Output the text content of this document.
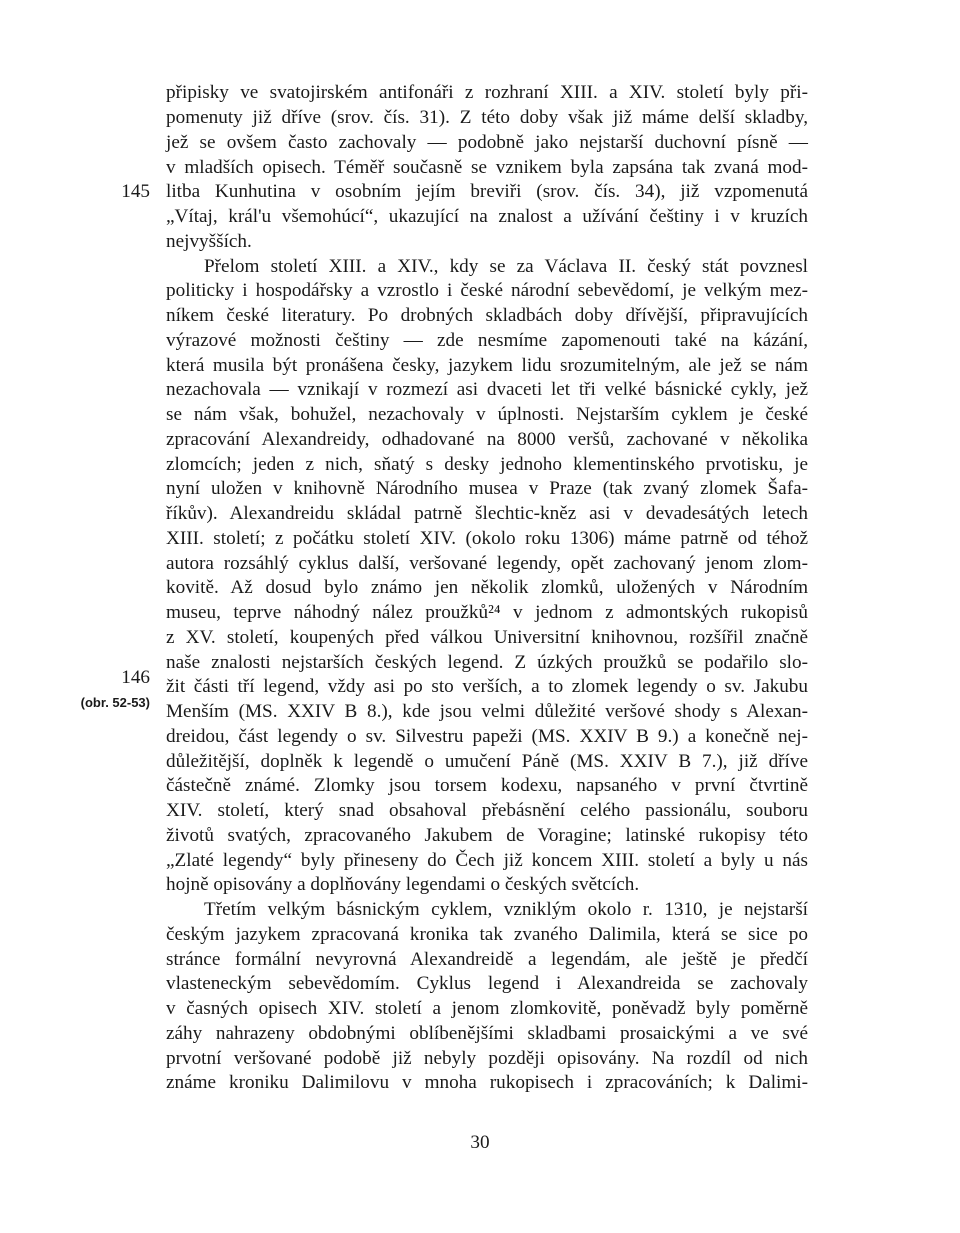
145
146
(obr. 52-53)
připisky ve svatojirském antifonáři z rozhraní XIII. a XIV. století byly při-
pomenuty již dříve (srov. čís. 31). Z této doby však již máme delší skladby,
jež se ovšem často zachovaly — podobně jako nejstarší duchovní písně —
v mladších opisech. Téměř současně se vznikem byla zapsána tak zvaná mod-
litba Kunhutina v osobním jejím breviři (srov. čís. 34), již vzpomenutá
„Vítaj, král'u všemohúcí“, ukazující na znalost a užívání češtiny i v kruzích
nejvyšších.
Přelom století XIII. a XIV., kdy se za Václava II. český stát povznesl
politicky i hospodářsky a vzrostlo i české národní sebevědomí, je velkým mez-
níkem české literatury. Po drobných skladbách doby dřívější, připravujících
výrazové možnosti češtiny — zde nesmíme zapomenouti také na kázání,
která musila být pronášena česky, jazykem lidu srozumitelným, ale jež se nám
nezachovala — vznikají v rozmezí asi dvaceti let tři velké básnické cykly, jež
se nám však, bohužel, nezachovaly v úplnosti. Nejstarším cyklem je české
zpracování Alexandreidy, odhadované na 8000 veršů, zachované v několika
zlomcích; jeden z nich, sňatý s desky jednoho klementinského prvotisku, je
nyní uložen v knihovně Národního musea v Praze (tak zvaný zlomek Šafa-
říkův). Alexandreidu skládal patrně šlechtic-kněz asi v devadesátých letech
XIII. století; z počátku století XIV. (okolo roku 1306) máme patrně od téhož
autora rozsáhlý cyklus další, veršované legendy, opět zachovaný jenom zlom-
kovitě. Až dosud bylo známo jen několik zlomků, uložených v Národním
museu, teprve náhodný nález proužků²⁴ v jednom z admontských rukopisů
z XV. století, koupených před válkou Universitní knihovnou, rozšířil značně
naše znalosti nejstarších českých legend. Z úzkých proužků se podařilo slo-
žit části tří legend, vždy asi po sto verších, a to zlomek legendy o sv. Jakubu
Menším (MS. XXIV B 8.), kde jsou velmi důležité veršové shody s Alexan-
dreidou, část legendy o sv. Silvestru papeži (MS. XXIV B 9.) a konečně nej-
důležitější, doplněk k legendě o umučení Páně (MS. XXIV B 7.), již dříve
částečně známé. Zlomky jsou torsem kodexu, napsaného v první čtvrtině
XIV. století, který snad obsahoval přebásnění celého passionálu, souboru
životů svatých, zpracovaného Jakubem de Voragine; latinské rukopisy této
„Zlaté legendy“ byly přineseny do Čech již koncem XIII. století a byly u nás
hojně opisovány a doplňovány legendami o českých světcích.
Třetím velkým básnickým cyklem, vzniklým okolo r. 1310, je nejstarší
českým jazykem zpracovaná kronika tak zvaného Dalimila, která se sice po
stránce formální nevyrovná Alexandreidě a legendám, ale ještě je předčí
vlasteneckým sebevědomím. Cyklus legend i Alexandreida se zachovaly
v časných opisech XIV. století a jenom zlomkovitě, poněvadž byly poměrně
záhy nahrazeny obdobnými oblíbenějšími skladbami prosaickými a ve své
prvotní veršované podobě již nebyly později opisovány. Na rozdíl od nich
známe kroniku Dalimilovu v mnoha rukopisech i zpracováních; k Dalimi-
30
